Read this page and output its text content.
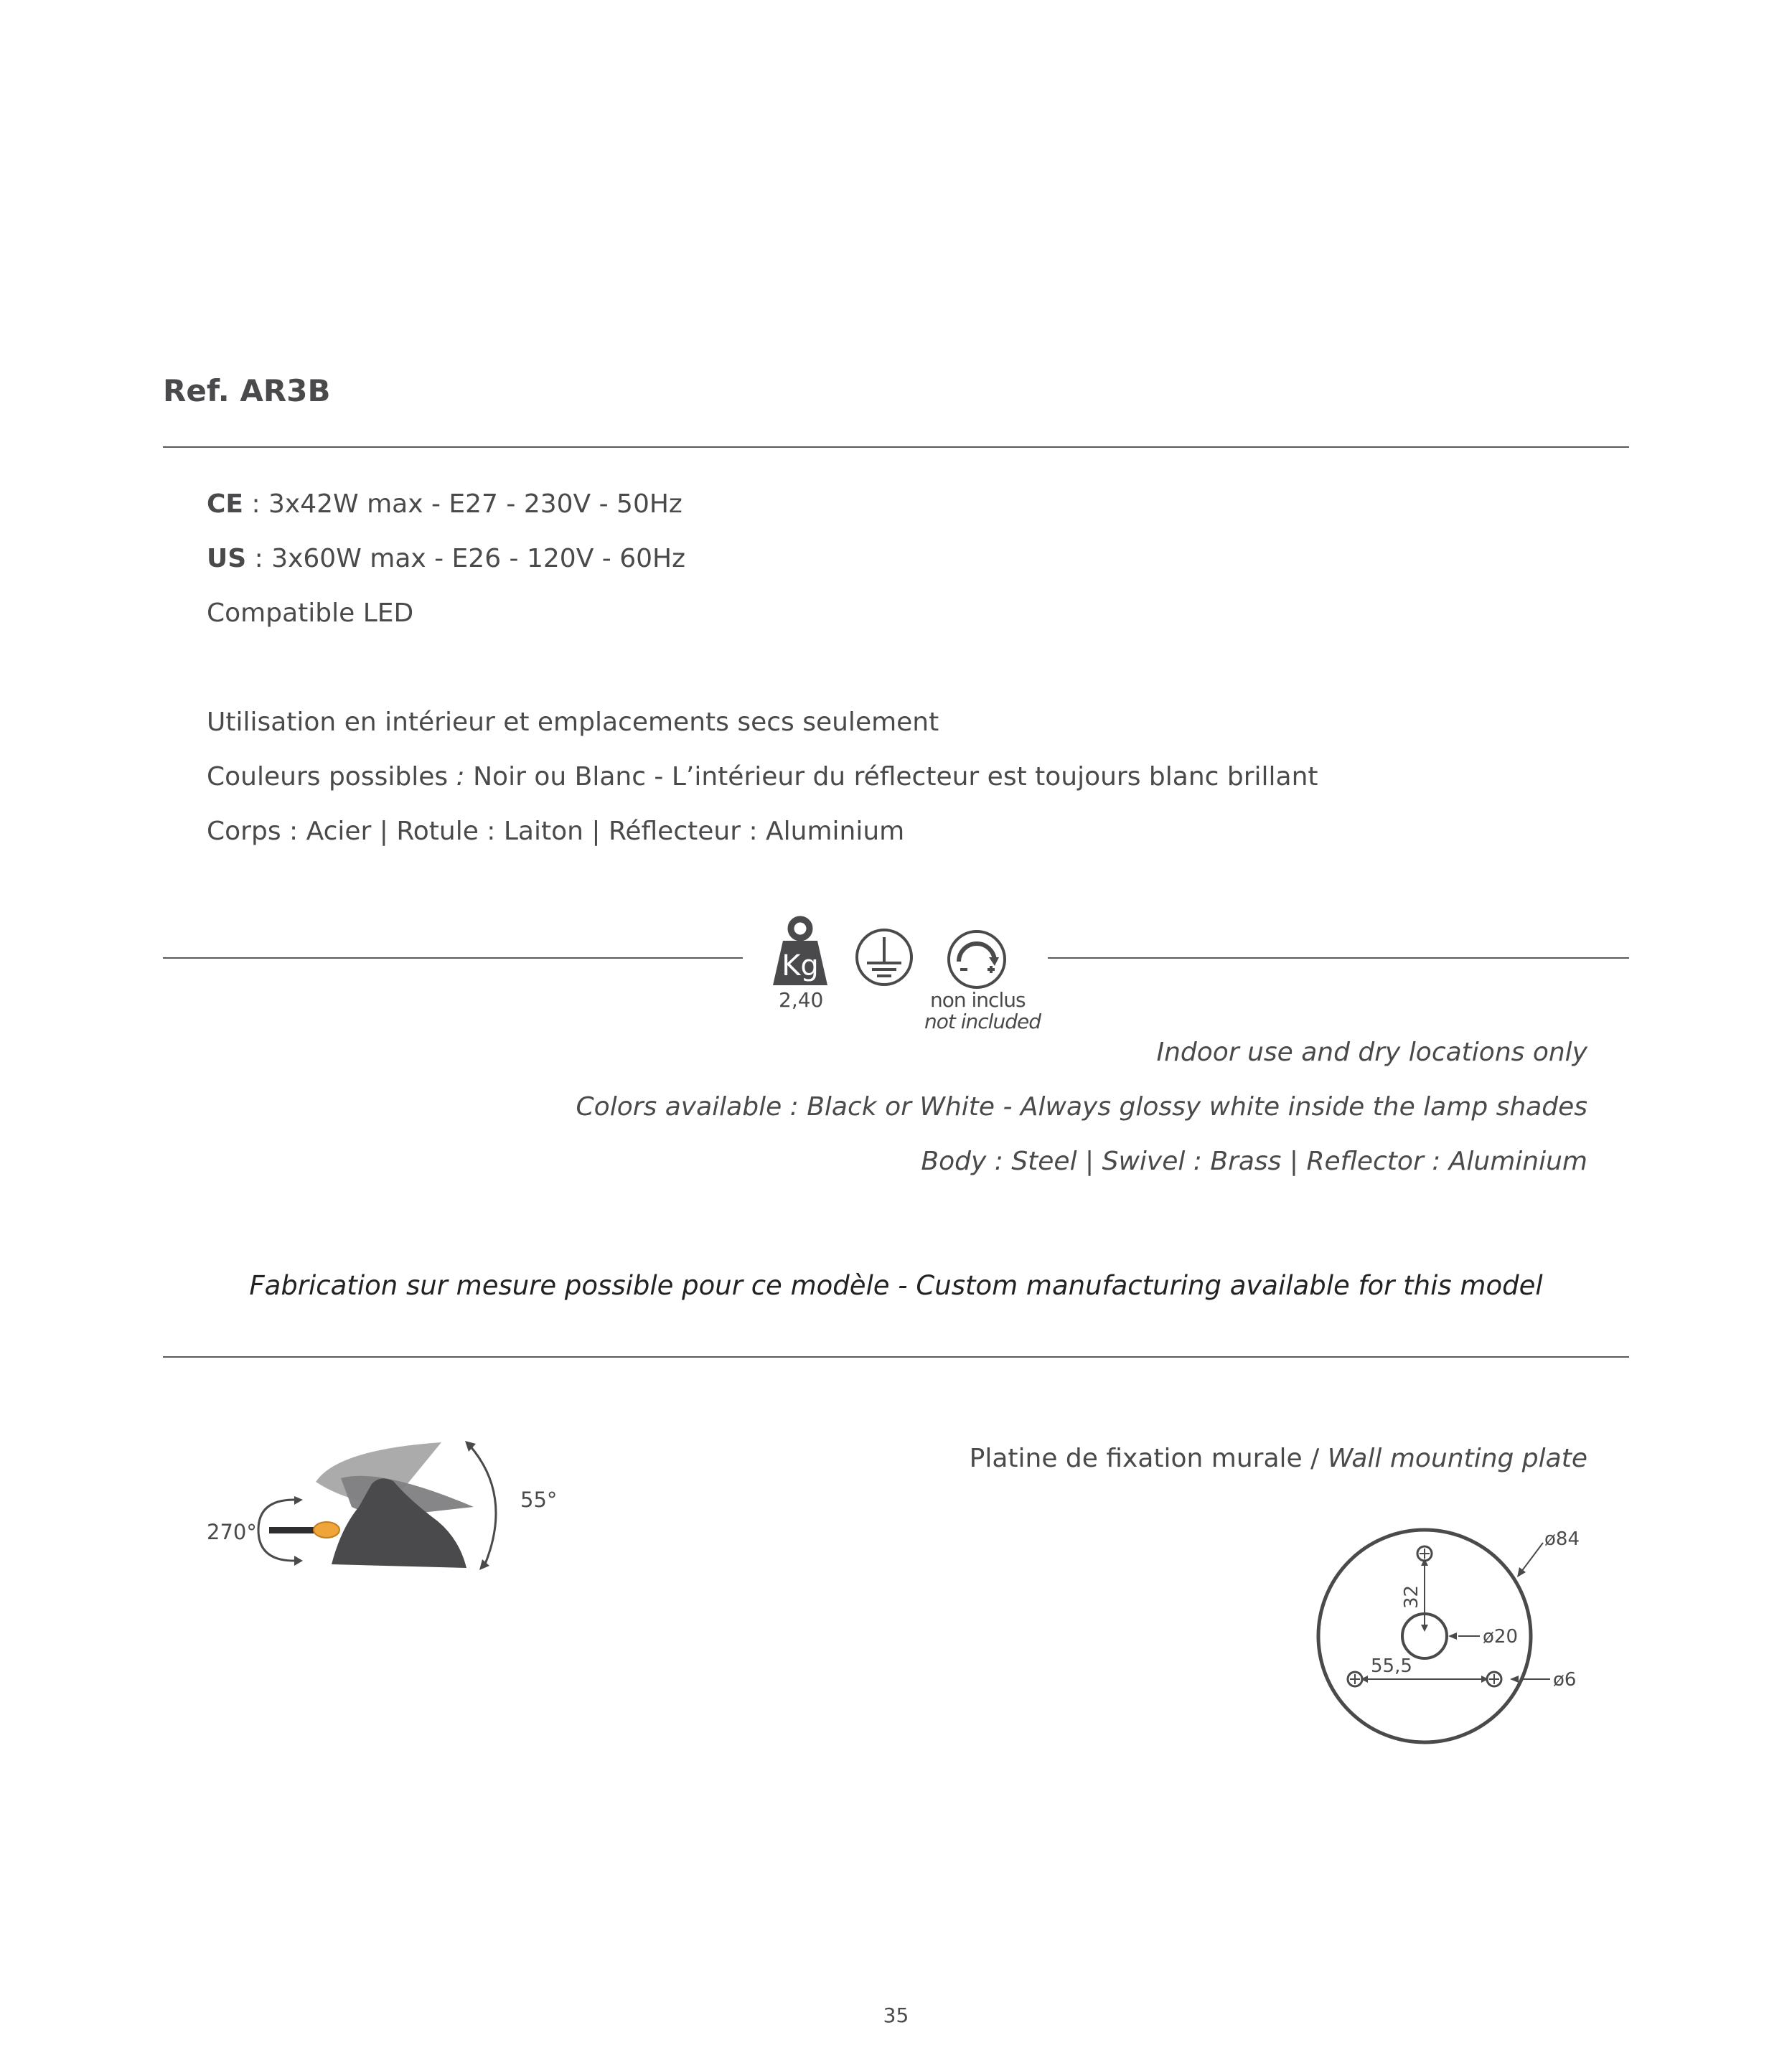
Ref. AR3B
CE : 3x42W max - E27 - 230V - 50Hz
US : 3x60W max - E26 - 120V - 60Hz
Compatible LED
Utilisation en intérieur et emplacements secs seulement
Couleurs possibles : Noir ou Blanc - L’intérieur du réflecteur est toujours blanc brillant
Corps : Acier | Rotule : Laiton | Réflecteur : Aluminium
Kg
2,40	non inclus
not included
Indoor use and dry locations only
Colors available : Black or White - Always glossy white inside the lamp shades
Body : Steel | Swivel : Brass | Reflector : Aluminium
Fabrication sur mesure possible pour ce modèle - Custom manufacturing available for this model
270°
55°
Platine de fixation murale / Wall mounting plate
32
55,5
ø84
ø20
ø6
35
